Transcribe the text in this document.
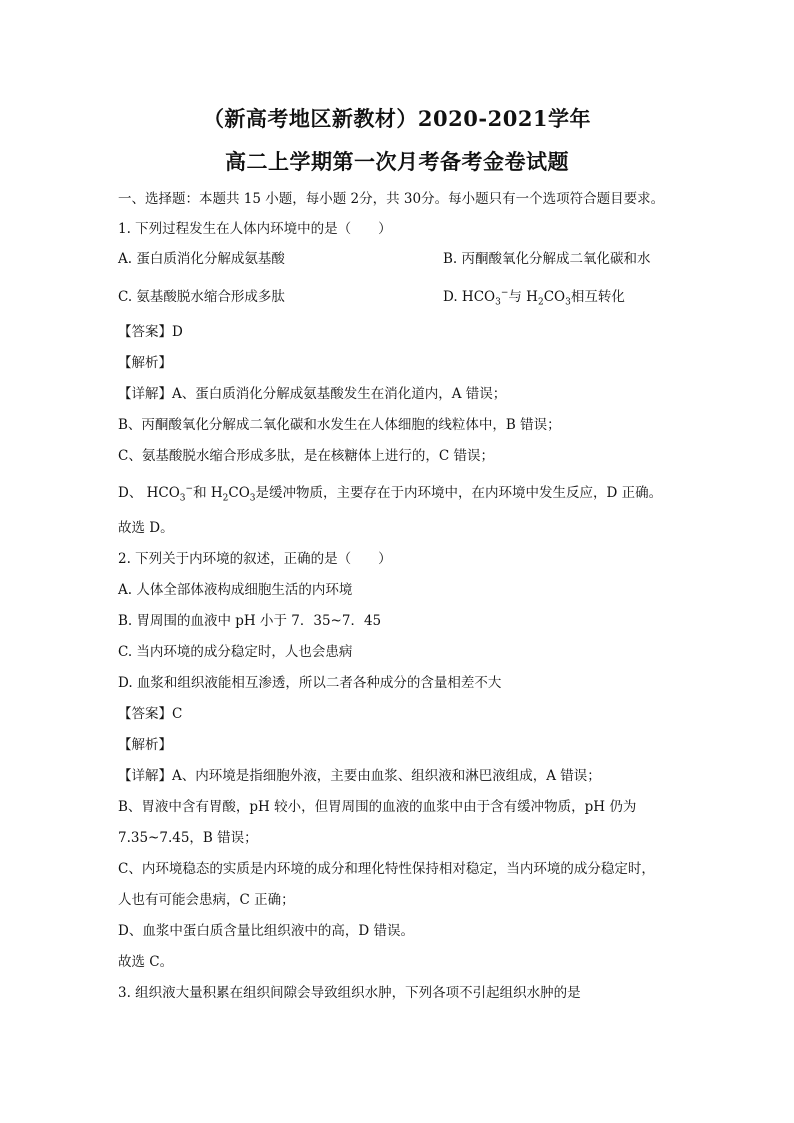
（新高考地区新教材）2020-2021学年
高二上学期第一次月考备考金卷试题
一、选择题：本题共 15 小题，每小题 2分，共 30分。每小题只有一个选项符合题目要求。
1. 下列过程发生在人体内环境中的是（　　）
A. 蛋白质消化分解成氨基酸	B. 丙酮酸氧化分解成二氧化碳和水
C. 氨基酸脱水缩合形成多肽	D. $HCO_3^-$与 $H_2CO_3$相互转化
【答案】D
【解析】
【详解】A、蛋白质消化分解成氨基酸发生在消化道内，A 错误；
B、丙酮酸氧化分解成二氧化碳和水发生在人体细胞的线粒体中，B 错误；
C、氨基酸脱水缩合形成多肽，是在核糖体上进行的，C 错误；
D、 $HCO_3^-$和 $H_2CO_3$是缓冲物质，主要存在于内环境中，在内环境中发生反应，D 正确。
故选 D。
2. 下列关于内环境的叙述，正确的是（　　）
A. 人体全部体液构成细胞生活的内环境
B. 胃周围的血液中 pH 小于 7．35~7．45
C. 当内环境的成分稳定时，人也会患病
D. 血浆和组织液能相互渗透，所以二者各种成分的含量相差不大
【答案】C
【解析】
【详解】A、内环境是指细胞外液，主要由血浆、组织液和淋巴液组成，A 错误；
B、胃液中含有胃酸，pH 较小，但胃周围的血液的血浆中由于含有缓冲物质，pH 仍为
7.35~7.45，B 错误；
C、内环境稳态的实质是内环境的成分和理化特性保持相对稳定，当内环境的成分稳定时，
人也有可能会患病，C 正确；
D、血浆中蛋白质含量比组织液中的高，D 错误。
故选 C。
3. 组织液大量积累在组织间隙会导致组织水肿，下列各项不引起组织水肿的是
